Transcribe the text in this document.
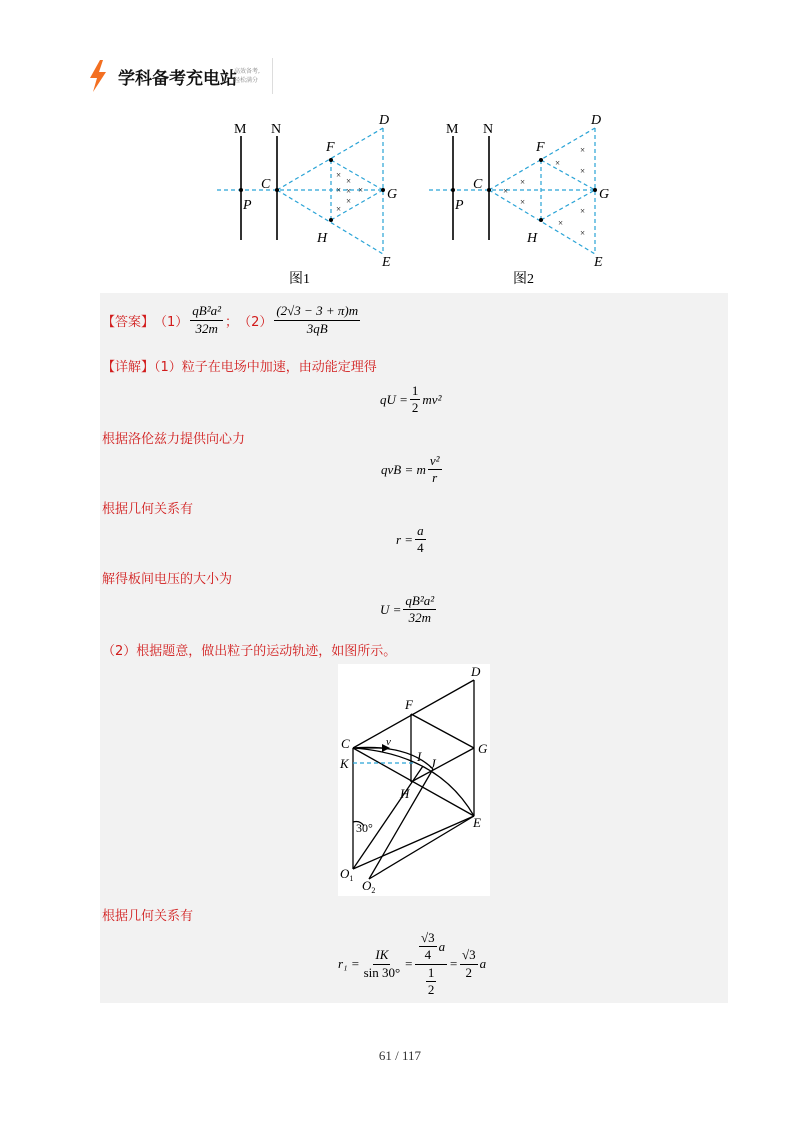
学科备考充电站
高效备考,
轻松满分
×
×
× × ×
×
×
M N
P
C
F
H
G
D
E
图1
×
×
×
×
×
×
×
×
×
M N
P
C
F
H
G
D
E
图2
【答案】 $(1) \frac{\text{qB²a²}}{32m}$ ； $(2) \frac{(2√3 - 3 + \pi)m}{3qB}$
【详解】（1）粒子在电场中加速，由动能定理得
qU = $\frac{1}{2} mv^2$
根据洛伦兹力提供向心力
qvB = m $\frac{\text{v²}}{r}$
根据几何关系有
$r = \frac{a}{4}$
解得板间电压的大小为
$U = \frac{\text{qB²a²}}{32m}$
（2）根据题意，做出粒子的运动轨迹，如图所示。
D
F
C	v	G
K	I J
H
E
30°
$O_1$ $O_2$
根据几何关系有
$r_1 = \frac{IK}{\sin 30^\circ} = \frac{\frac{√3}{4} a}{\frac{1}{2}} = \frac{√3}{2}$ a
61 / 117
